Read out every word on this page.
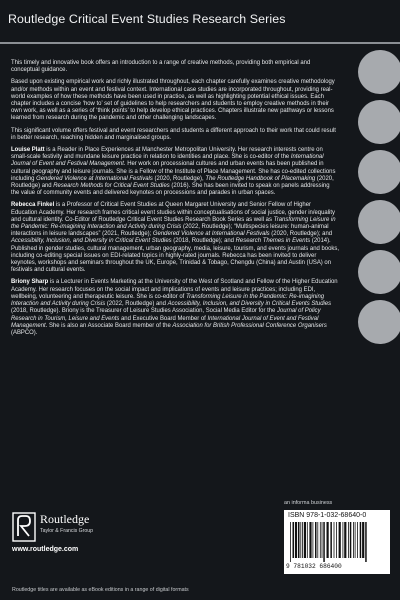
Routledge Critical Event Studies Research Series

This timely and innovative book offers an introduction to a range of creative methods, providing both empirical and conceptual guidance.

Based upon existing empirical work and richly illustrated throughout, each chapter carefully examines creative methodology and/or methods within an event and festival context. International case studies are incorporated throughout, providing real-world examples of how these methods have been used in practice, as well as highlighting potential ethical issues. Each chapter includes a concise ‘how to’ set of guidelines to help researchers and students to employ creative methods in their own work, as well as a series of ‘think points’ to help develop ethical practices. Chapters illustrate new pathways or lessons learned from research during the pandemic and other challenging landscapes.

This significant volume offers festival and event researchers and students a different approach to their work that could result in better research, reaching hidden and marginalised groups.

Louise Platt is a Reader in Place Experiences at Manchester Metropolitan University. Her research interests centre on small-scale festivity and mundane leisure practice in relation to identities and place. She is co-editor of the International Journal of Event and Festival Management. Her work on processional cultures and urban events has been published in cultural geography and leisure journals. She is a Fellow of the Institute of Place Management. She has co-edited collections including Gendered Violence at International Festivals (2020, Routledge), The Routledge Handbook of Placemaking (2020, Routledge) and Research Methods for Critical Event Studies (2016). She has been invited to speak on panels addressing the value of community events and delivered keynotes on processions and parades in urban spaces.

Rebecca Finkel is a Professor of Critical Event Studies at Queen Margaret University and Senior Fellow of Higher Education Academy. Her research frames critical event studies within conceptualisations of social justice, gender in/equality and cultural identity. Co-Editor of Routledge Critical Event Studies Research Book Series as well as Transforming Leisure in the Pandemic: Re-imagining Interaction and Activity during Crisis (2022, Routledge); “Multispecies leisure: human-animal interactions in leisure landscapes” (2021, Routledge); Gendered Violence at International Festivals (2020, Routledge); and Accessibility, Inclusion, and Diversity in Critical Event Studies (2018, Routledge); and Research Themes in Events (2014). Published in gender studies, cultural management, urban geography, media, leisure, tourism, and events journals and books, including co-editing special issues on EDI-related topics in highly-rated journals. Rebecca has been invited to deliver keynotes, workshops and seminars throughout the UK, Europe, Trinidad & Tobago, Chengdu (China) and Austin (USA) on festivals and cultural events.

Briony Sharp is a Lecturer in Events Marketing at the University of the West of Scotland and Fellow of the Higher Education Academy. Her research focuses on the social impact and implications of events and leisure practices; including EDI, wellbeing, volunteering and therapeutic leisure. She is co-editor of Transforming Leisure in the Pandemic: Re-imagining Interaction and Activity during Crisis (2022, Routledge) and Accessibility, Inclusion, and Diversity in Critical Events Studies (2018, Routledge). Briony is the Treasurer of Leisure Studies Association, Social Media Editor for the Journal of Policy Research in Tourism, Leisure and Events and Executive Board Member of International Journal of Event and Festival Management. She is also an Associate Board member of the Association for British Professional Conference Organisers (ABPCO).

Routledge
Taylor & Francis Group
www.routledge.com
an informa business
ISBN 978-1-032-68640-0
9 781032 686400
Routledge titles are available as eBook editions in a range of digital formats
